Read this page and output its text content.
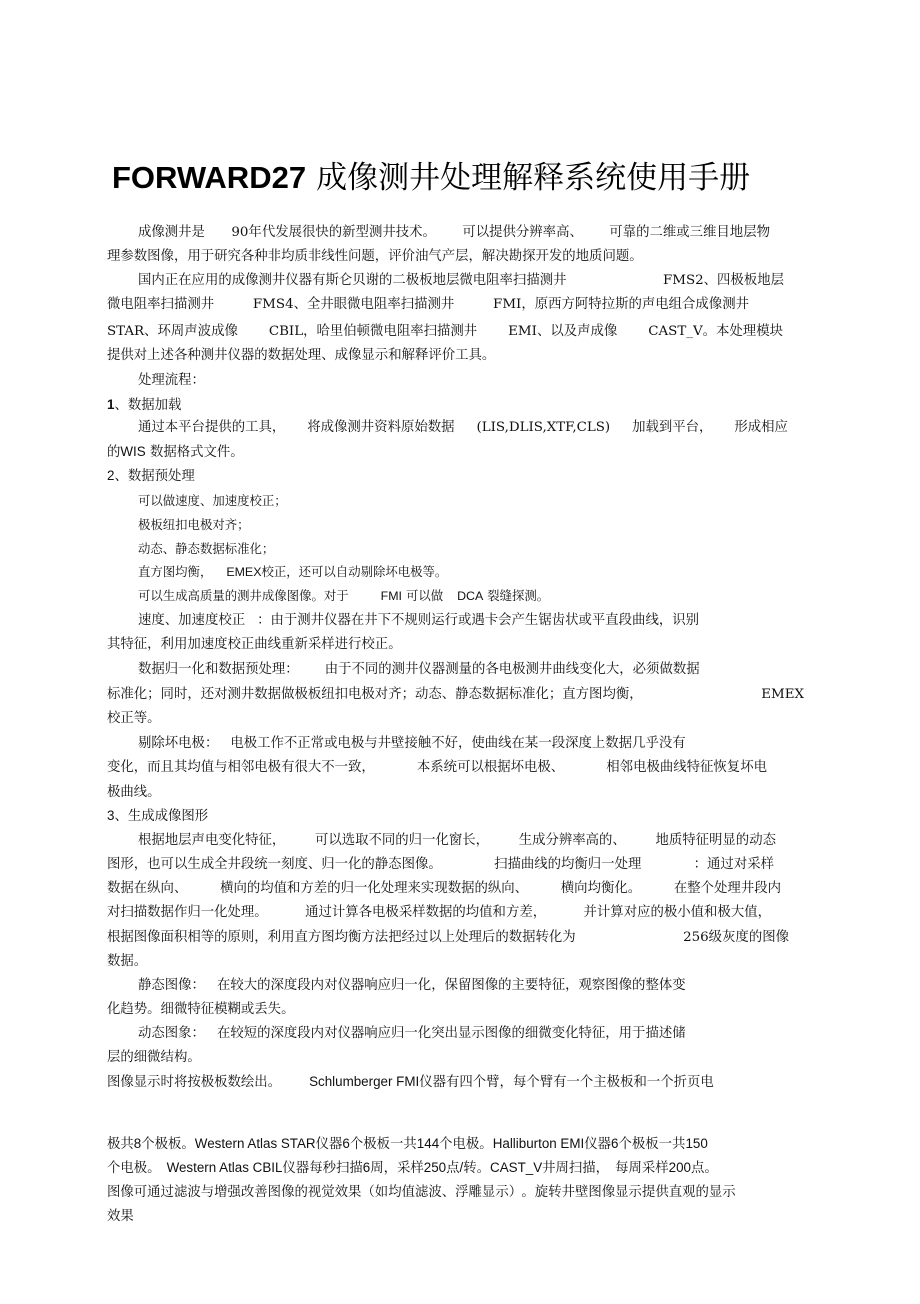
FORWARD27 成像测井处理解释系统使用手册
成像测井是 90年代发展很快的新型测井技术。 可以提供分辨率高、 可靠的二维或三维目地层物
理参数图像，用于研究各种非均质非线性问题，评价油气产层，解决勘探开发的地质问题。
国内正在应用的成像测井仪器有斯仑贝谢的二极板地层微电阻率扫描测井	FMS2、四极板地层
微电阻率扫描测井	FMS4、全井眼微电阻率扫描测井	FMI，原西方阿特拉斯的声电组合成像测井
STAR、环周声波成像 CBIL，哈里伯顿微电阻率扫描测井 EMI、以及声成像 CAST_V。本处理模块
提供对上述各种测井仪器的数据处理、成像显示和解释评价工具。
处理流程：
1、数据加载
通过本平台提供的工具， 将成像测井资料原始数据 (LIS,DLIS,XTF,CLS) 加载到平台， 形成相应
的WIS 数据格式文件。
2、数据预处理
可以做速度、加速度校正；
极板纽扣电极对齐；
动态、静态数据标准化；
直方图均衡， EMEX校正，还可以自动剔除坏电极等。
可以生成高质量的测井成像图像。对于	FMI 可以做 DCA 裂缝探测。
速度、加速度校正 ：由于测井仪器在井下不规则运行或遇卡会产生锯齿状或平直段曲线，识别
其特征，利用加速度校正曲线重新采样进行校正。
数据归一化和数据预处理： 由于不同的测井仪器测量的各电极测井曲线变化大，必须做数据
标准化；同时，还对测井数据做极板纽扣电极对齐；动态、静态数据标准化；直方图均衡，	EMEX
校正等。
剔除坏电极： 电极工作不正常或电极与井壁接触不好，使曲线在某一段深度上数据几乎没有
变化，而且其均值与相邻电极有很大不一致，	本系统可以根据坏电极、	相邻电极曲线特征恢复坏电
极曲线。
3、生成成像图形
根据地层声电变化特征， 可以选取不同的归一化窗长， 生成分辨率高的、 地质特征明显的动态
图形，也可以生成全井段统一刻度、归一化的静态图像。	扫描曲线的均衡归一处理	：通过对采样
数据在纵向、 横向的均值和方差的归一化处理来实现数据的纵向、 横向均衡化。 在整个处理井段内
对扫描数据作归一化处理。	通过计算各电极采样数据的均值和方差，	并计算对应的极小值和极大值，
根据图像面积相等的原则，利用直方图均衡方法把经过以上处理后的数据转化为	256级灰度的图像
数据。
静态图像： 在较大的深度段内对仪器响应归一化，保留图像的主要特征，观察图像的整体变
化趋势。细微特征模糊或丢失。
动态图象： 在较短的深度段内对仪器响应归一化突出显示图像的细微变化特征，用于描述储
层的细微结构。
图像显示时将按极板数绘出。 Schlumberger FMI仪器有四个臂，每个臂有一个主极板和一个折页电
极共8个极板。Western Atlas STAR仪器6个极板一共144个电极。Halliburton EMI仪器6个极板一共150
个电极。 Western Atlas CBIL仪器每秒扫描6周，采样250点/转。CAST_V井周扫描， 每周采样200点。
图像可通过滤波与增强改善图像的视觉效果（如均值滤波、浮雕显示） 。旋转井壁图像显示提供直观的显示
效果
